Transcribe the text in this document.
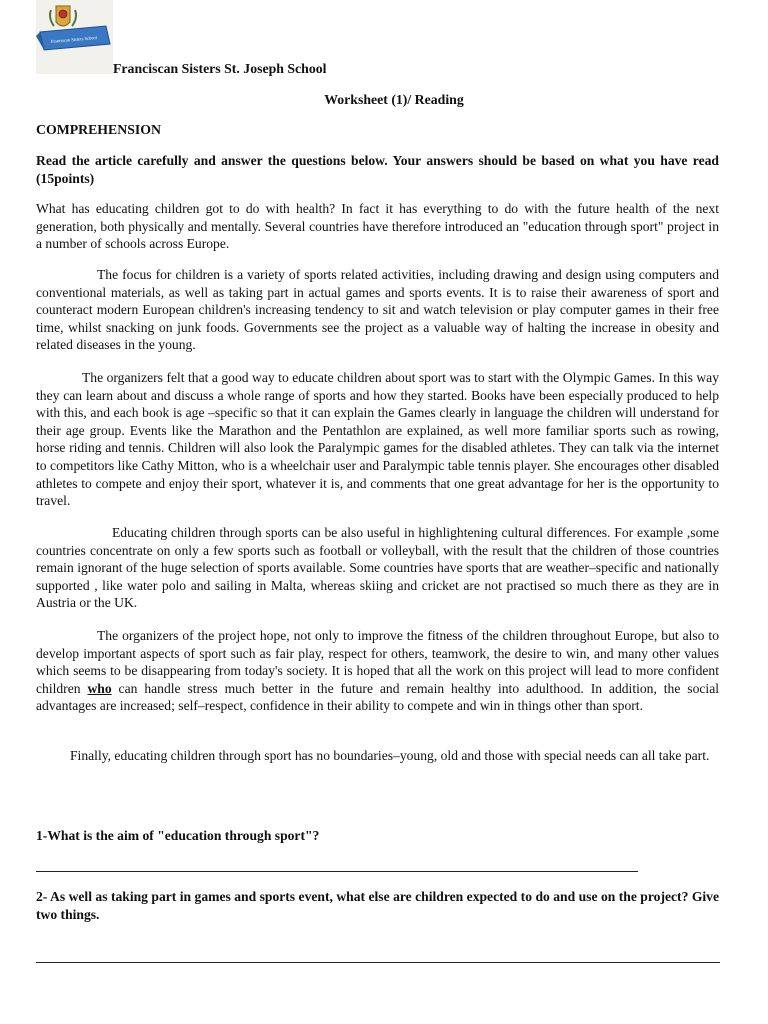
Franciscan Sisters School
Franciscan Sisters St. Joseph School
Worksheet (1)/ Reading
COMPREHENSION
Read the article carefully and answer the questions below. Your answers should be based on what you have read (15points)
What has educating children got to do with health? In fact it has everything to do with the future health of the next generation, both physically and mentally. Several countries have therefore introduced an "education through sport" project in a number of schools across Europe.
The focus for children is a variety of sports related activities, including drawing and design using computers and conventional materials, as well as taking part in actual games and sports events. It is to raise their awareness of sport and counteract modern European children's increasing tendency to sit and watch television or play computer games in their free time, whilst snacking on junk foods. Governments see the project as a valuable way of halting the increase in obesity and related diseases in the young.
The organizers felt that a good way to educate children about sport was to start with the Olympic Games. In this way they can learn about and discuss a whole range of sports and how they started. Books have been especially produced to help with this, and each book is age –specific so that it can explain the Games clearly in language the children will understand for their age group. Events like the Marathon and the Pentathlon are explained, as well more familiar sports such as rowing, horse riding and tennis. Children will also look the Paralympic games for the disabled athletes. They can talk via the internet to competitors like Cathy Mitton, who is a wheelchair user and Paralympic table tennis player. She encourages other disabled athletes to compete and enjoy their sport, whatever it is, and comments that one great advantage for her is the opportunity to travel.
Educating children through sports can be also useful in highlightening cultural differences. For example ,some countries concentrate on only a few sports such as football or volleyball, with the result that the children of those countries remain ignorant of the huge selection of sports available. Some countries have sports that are weather–specific and nationally supported , like water polo and sailing in Malta, whereas skiing and cricket are not practised so much there as they are in Austria or the UK.
The organizers of the project hope, not only to improve the fitness of the children throughout Europe, but also to develop important aspects of sport such as fair play, respect for others, teamwork, the desire to win, and many other values which seems to be disappearing from today's society. It is hoped that all the work on this project will lead to more confident children who can handle stress much better in the future and remain healthy into adulthood. In addition, the social advantages are increased; self–respect, confidence in their ability to compete and win in things other than sport.
Finally, educating children through sport has no boundaries–young, old and those with special needs can all take part.
1-What is the aim of "education through sport"?
2- As well as taking part in games and sports event, what else are children expected to do and use on the project? Give two things.
